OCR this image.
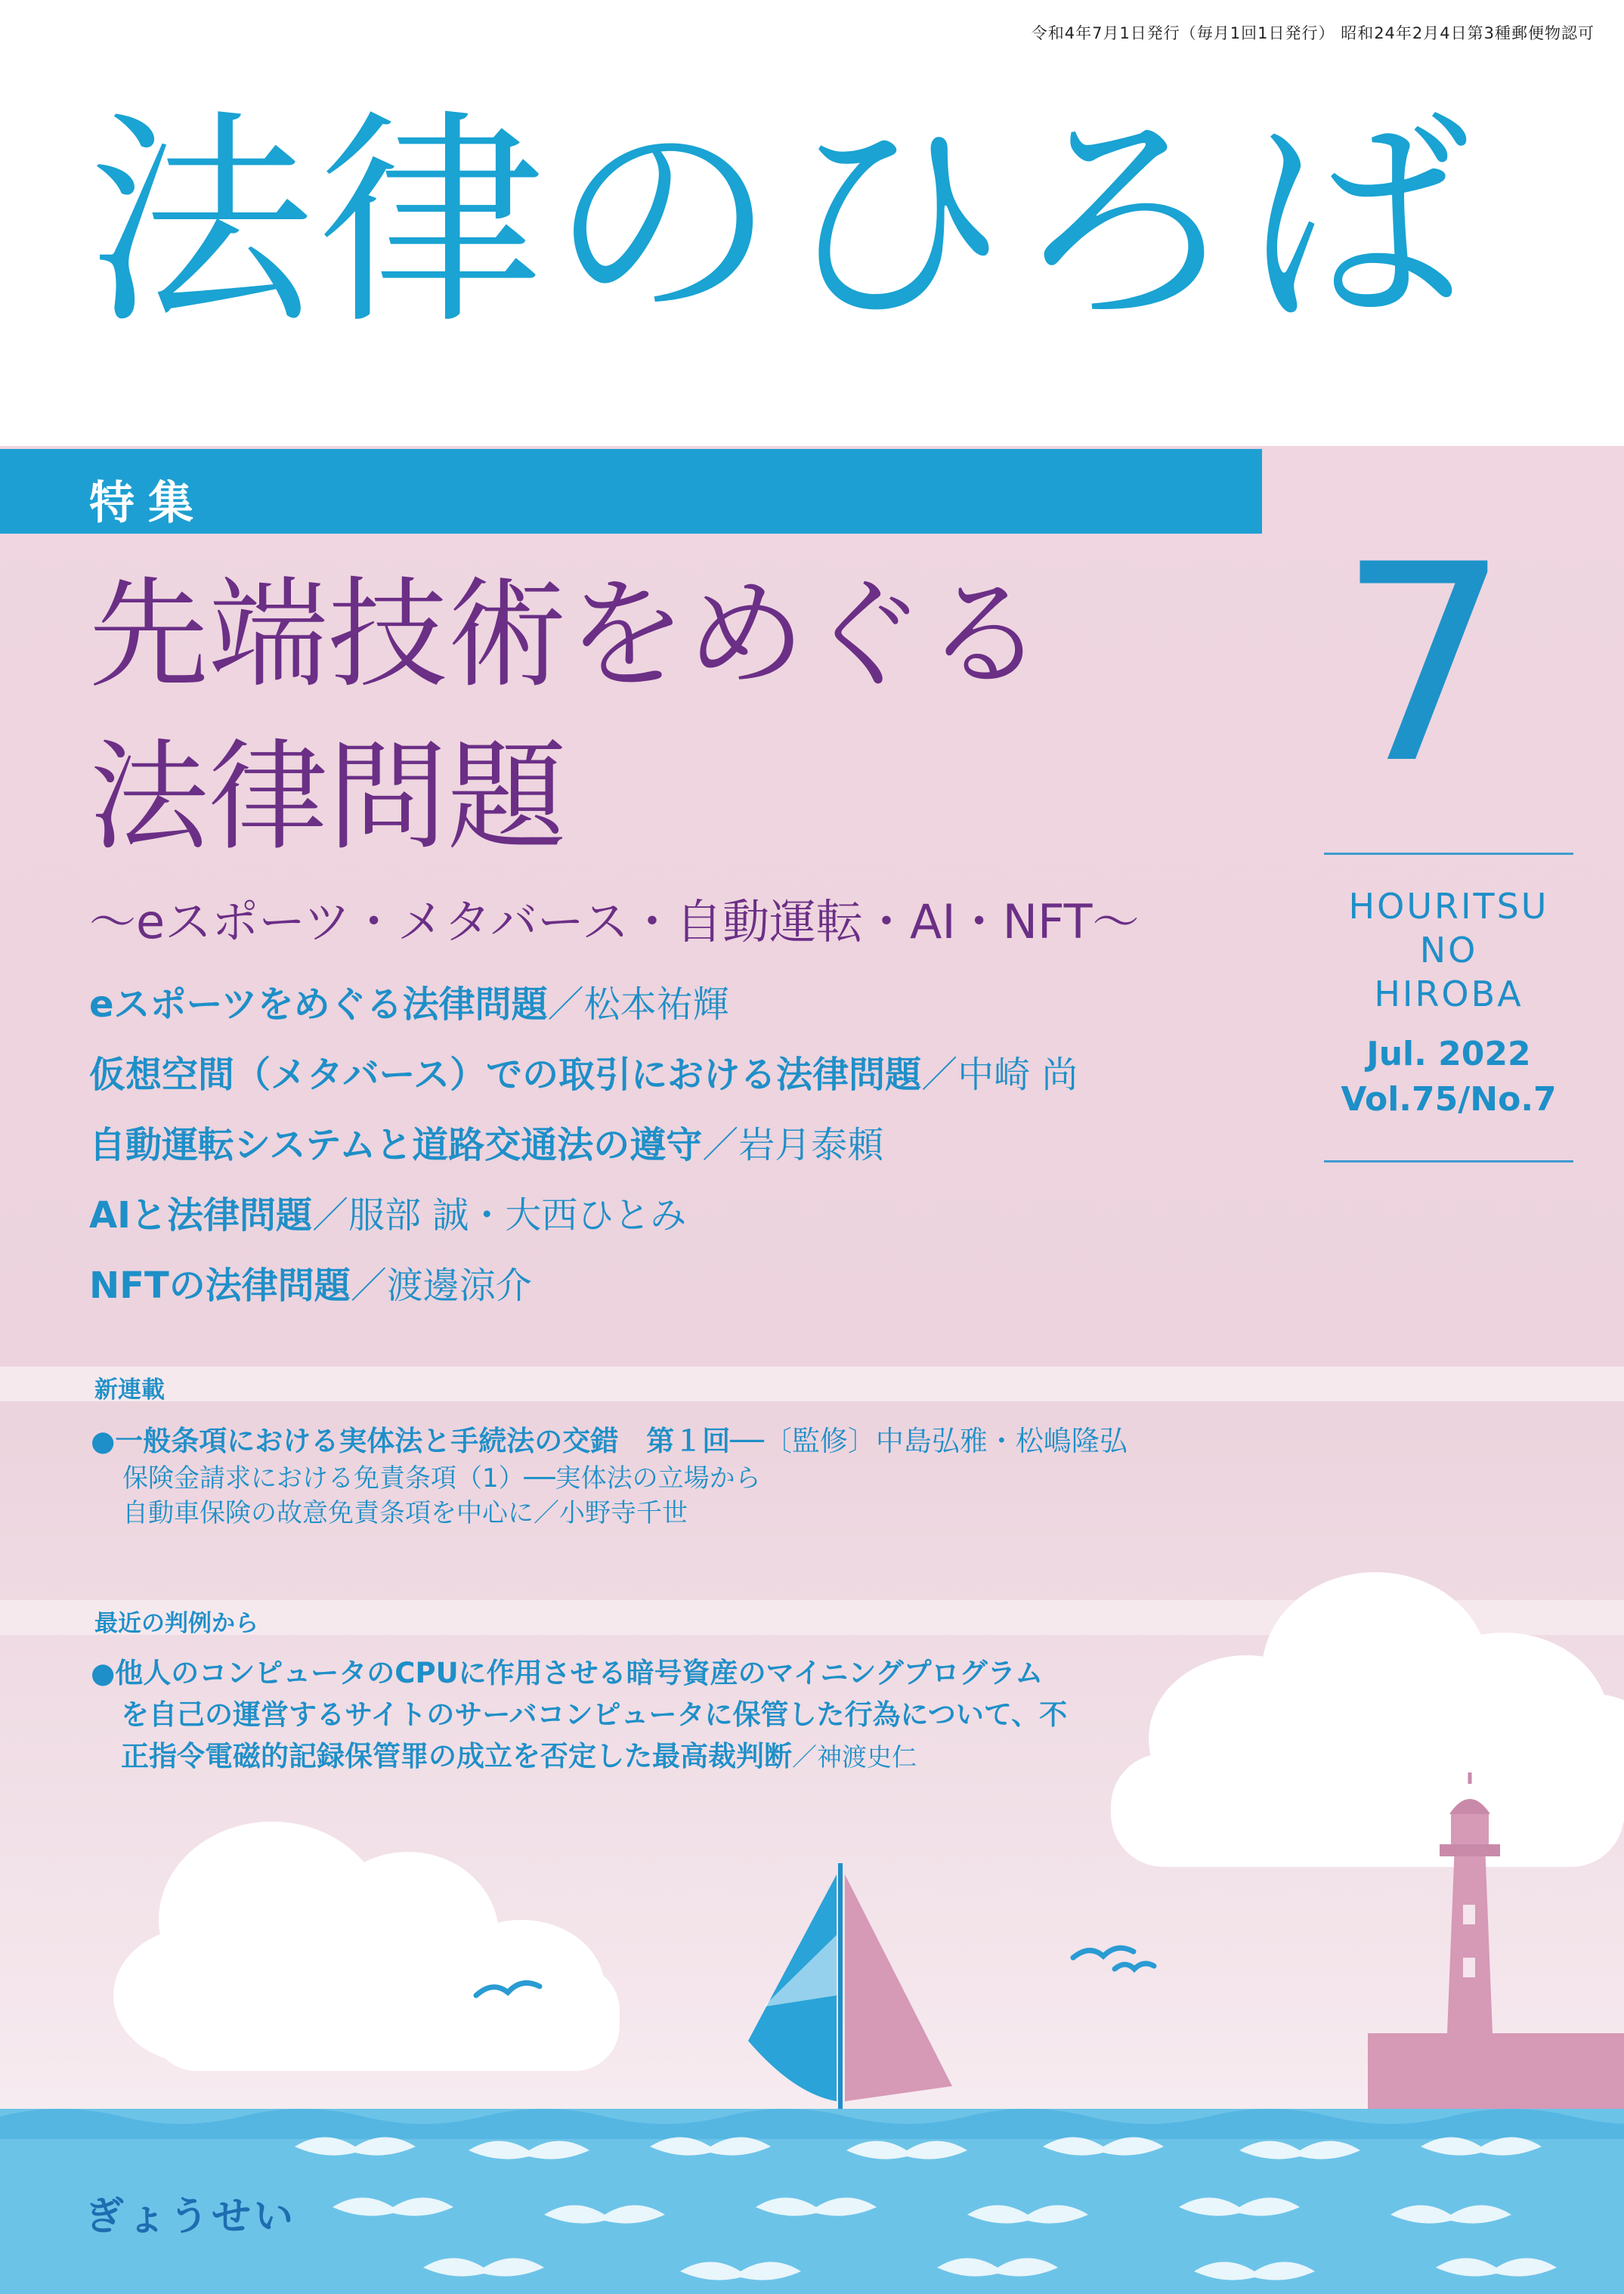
令和4年7月1日発行（毎月1回1日発行） 昭和24年2月4日第3種郵便物認可
法律のひろば
特集
先端技術をめぐる
法律問題
〜eスポーツ・メタバース・自動運転・AI・NFT〜
eスポーツをめぐる法律問題／松本祐輝
仮想空間（メタバース）での取引における法律問題／中崎 尚
自動運転システムと道路交通法の遵守／岩月泰頼
AIと法律問題／服部 誠・大西ひとみ
NFTの法律問題／渡邊涼介
7
HOURITSU
NO
HIROBA
Jul. 2022
Vol.75/No.7
新連載
●一般条項における実体法と手続法の交錯　第１回──〔監修〕中島弘雅・松嶋隆弘
保険金請求における免責条項（1）──実体法の立場から
自動車保険の故意免責条項を中心に／小野寺千世
最近の判例から
●他人のコンピュータのCPUに作用させる暗号資産のマイニングプログラム
を自己の運営するサイトのサーバコンピュータに保管した行為について、不
正指令電磁的記録保管罪の成立を否定した最高裁判断／神渡史仁
ぎょうせい
